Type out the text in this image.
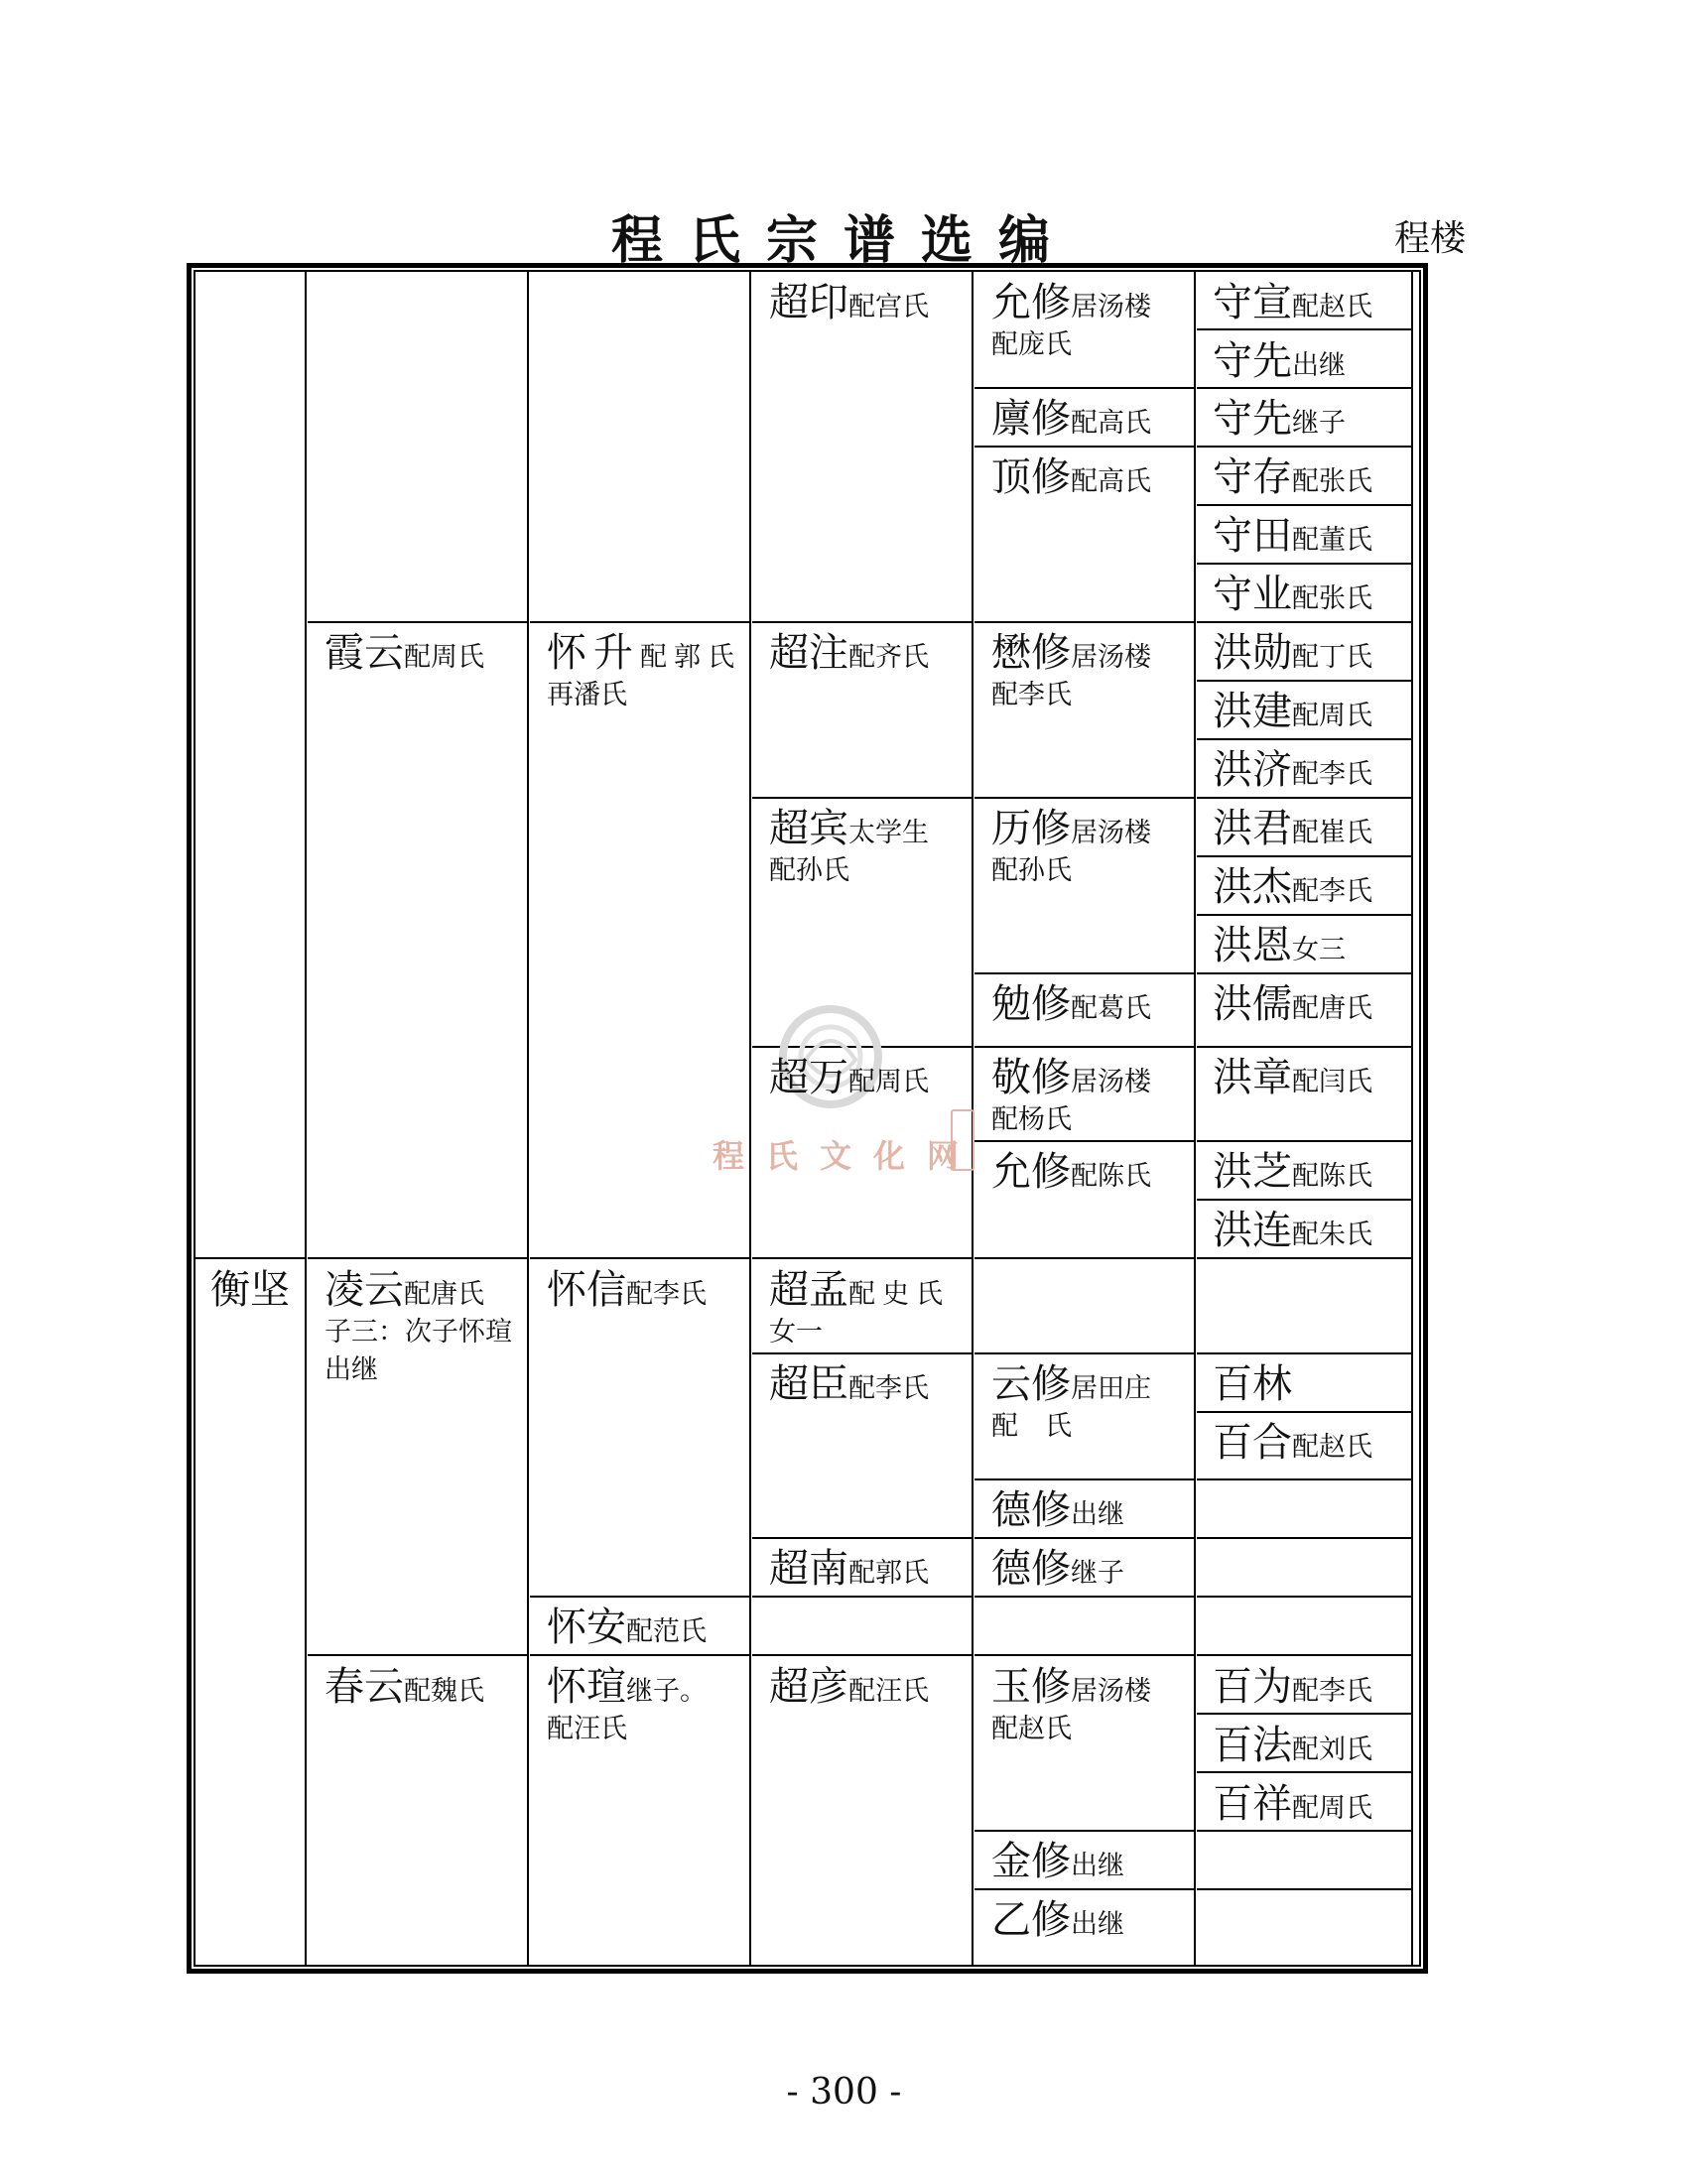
程氏宗谱选编	程楼
程氏文化网
衡坚
霞云配周氏
凌云配唐氏
子三：次子怀瑄
出继
春云配魏氏
怀升配郭氏
再潘氏
怀信配李氏
怀安配范氏
怀瑄继子。
配汪氏
超印配宫氏
超注配齐氏
超宾太学生
配孙氏
超万配周氏
超孟配史氏
女一
超臣配李氏
超南配郭氏
超彦配汪氏
允修居汤楼
配庞氏
廪修配高氏
顶修配高氏
懋修居汤楼
配李氏
历修居汤楼
配孙氏
勉修配葛氏
敬修居汤楼
配杨氏
允修配陈氏
云修居田庄
配　氏
德修出继
德修继子
玉修居汤楼
配赵氏
金修出继
乙修出继
守宣配赵氏
守先出继
守先继子
守存配张氏
守田配董氏
守业配张氏
洪勋配丁氏
洪建配周氏
洪济配李氏
洪君配崔氏
洪杰配李氏
洪恩女三
洪儒配唐氏
洪章配闫氏
洪芝配陈氏
洪连配朱氏
百林
百合配赵氏
百为配李氏
百法配刘氏
百祥配周氏
- 300 -
